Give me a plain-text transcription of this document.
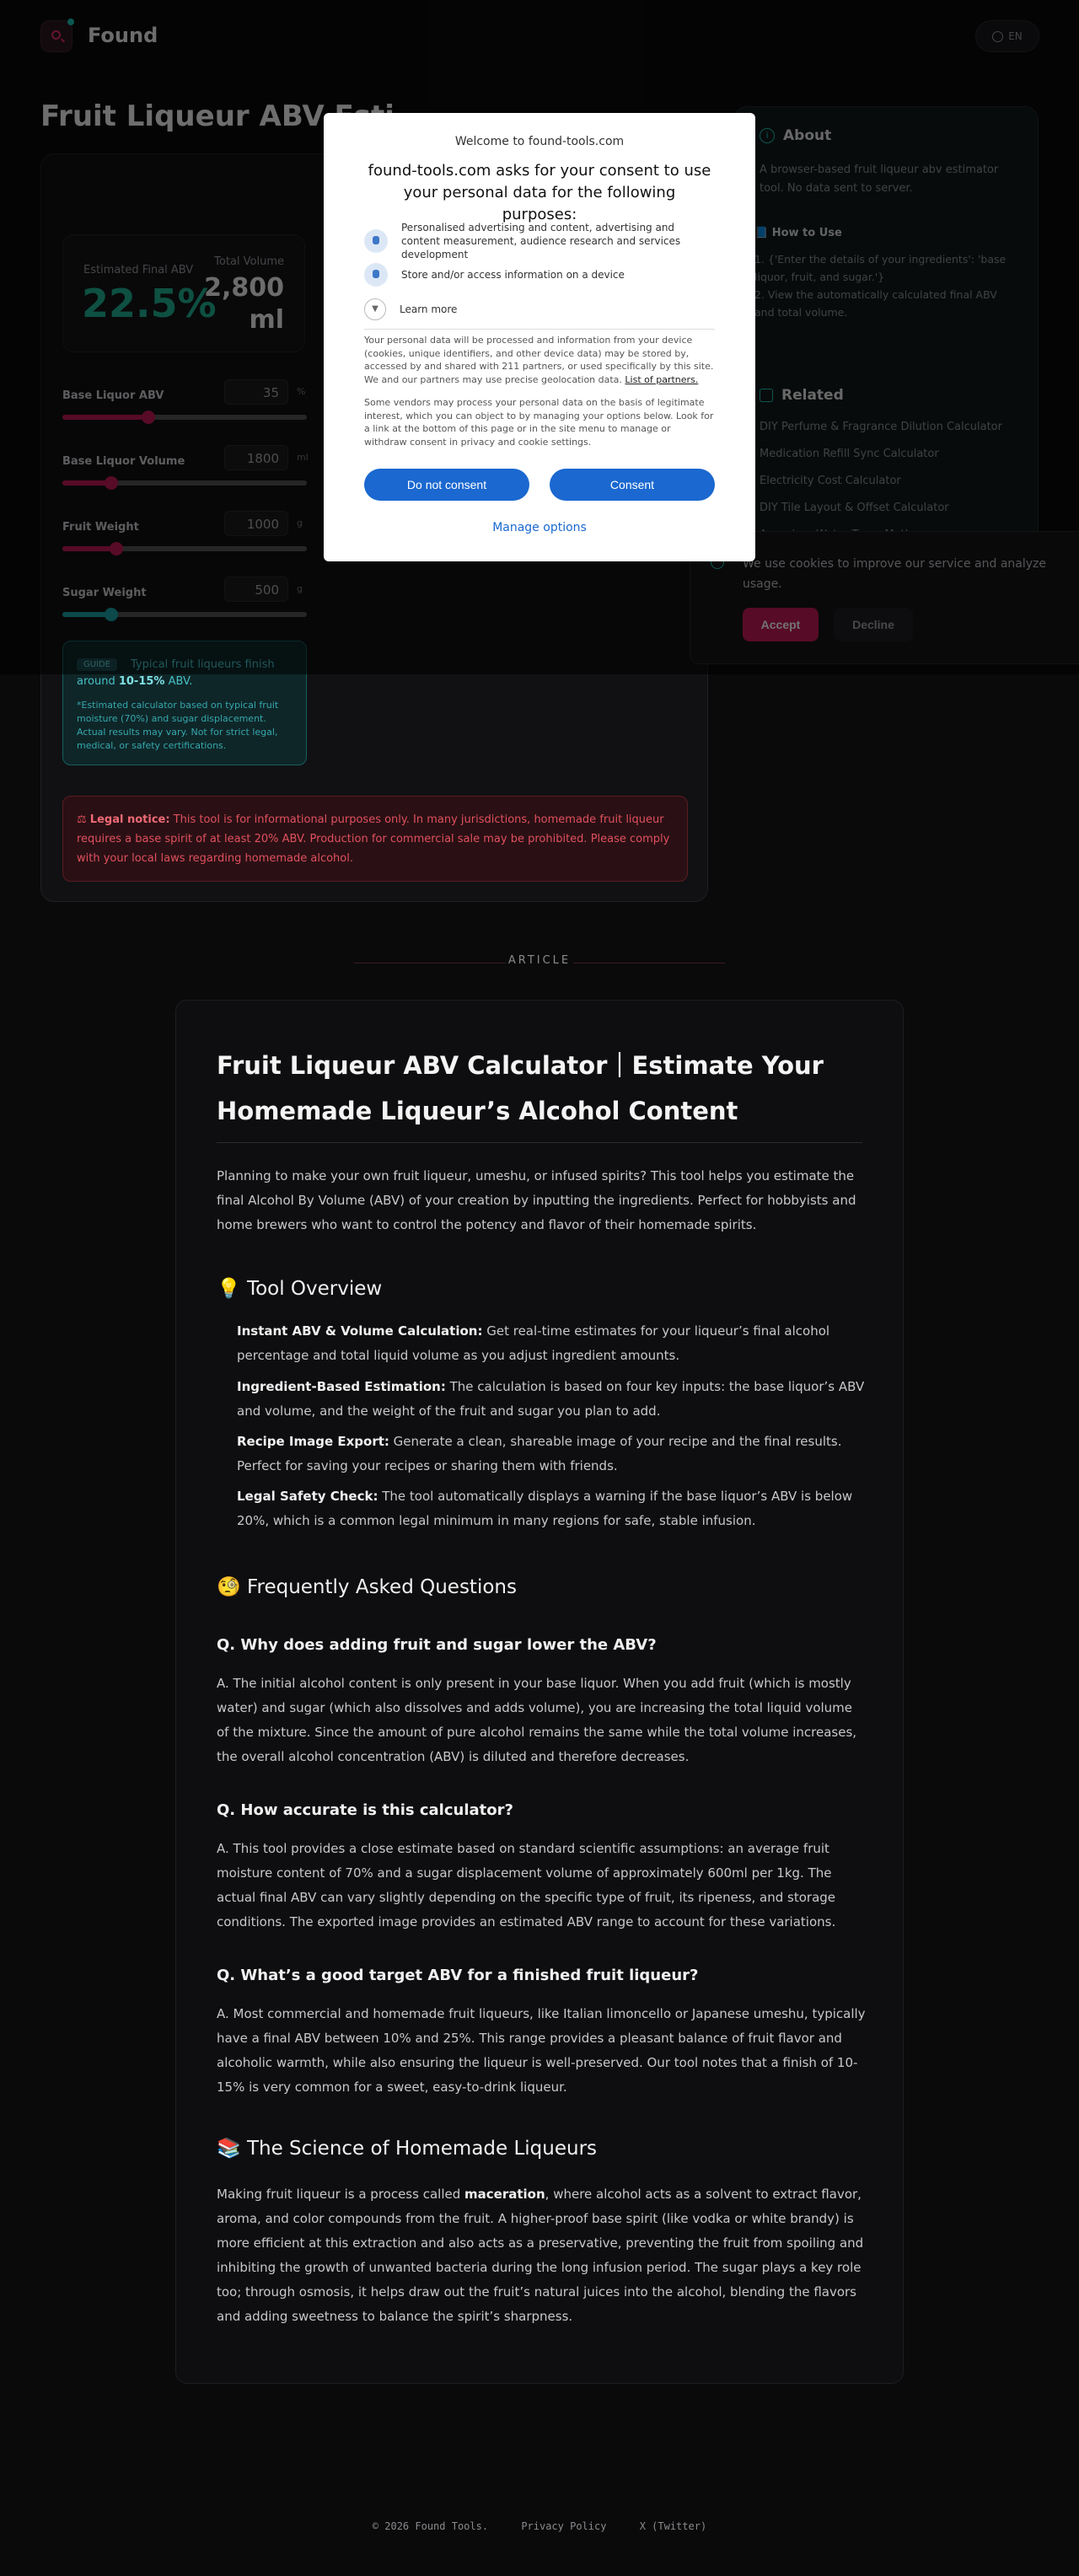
around 10-15% ABV.
*Estimated calculator based on typical fruit moisture (70%) and sugar displacement. Actual results may vary. Not for strict legal, medical, or safety certifications.
⚖ Legal notice: This tool is for informational purposes only. In many jurisdictions, homemade fruit liqueur requires a base spirit of at least 20% ABV. Production for commercial sale may be prohibited. Please comply with your local laws regarding homemade alcohol.
Welcome to found-tools.com
found-tools.com asks for your consent to use your personal data for the following purposes:
Personalised advertising and content, advertising and content measurement, audience research and services development
Store and/or access information on a device
▼	Learn more
Your personal data will be processed and information from your device (cookies, unique identifiers, and other device data) may be stored by, accessed by and shared with 211 partners, or used specifically by this site. We and our partners may use precise geolocation data. List of partners.
Some vendors may process your personal data on the basis of legitimate interest, which you can object to by managing your options below. Look for a link at the bottom of this page or in the site menu to manage or withdraw consent in privacy and cookie settings.
Do not consent	Consent
Manage options
ARTICLE
Fruit Liqueur ABV Calculator｜Estimate Your Homemade Liqueur’s Alcohol Content
Planning to make your own fruit liqueur, umeshu, or infused spirits? This tool helps you estimate the final Alcohol By Volume (ABV) of your creation by inputting the ingredients. Perfect for hobbyists and home brewers who want to control the potency and flavor of their homemade spirits.
💡 Tool Overview
Instant ABV & Volume Calculation: Get real-time estimates for your liqueur’s final alcohol percentage and total liquid volume as you adjust ingredient amounts.
Ingredient-Based Estimation: The calculation is based on four key inputs: the base liquor’s ABV and volume, and the weight of the fruit and sugar you plan to add.
Recipe Image Export: Generate a clean, shareable image of your recipe and the final results. Perfect for saving your recipes or sharing them with friends.
Legal Safety Check: The tool automatically displays a warning if the base liquor’s ABV is below 20%, which is a common legal minimum in many regions for safe, stable infusion.
🧐 Frequently Asked Questions
Q. Why does adding fruit and sugar lower the ABV?
A. The initial alcohol content is only present in your base liquor. When you add fruit (which is mostly water) and sugar (which also dissolves and adds volume), you are increasing the total liquid volume of the mixture. Since the amount of pure alcohol remains the same while the total volume increases, the overall alcohol concentration (ABV) is diluted and therefore decreases.
Q. How accurate is this calculator?
A. This tool provides a close estimate based on standard scientific assumptions: an average fruit moisture content of 70% and a sugar displacement volume of approximately 600ml per 1kg. The actual final ABV can vary slightly depending on the specific type of fruit, its ripeness, and storage conditions. The exported image provides an estimated ABV range to account for these variations.
Q. What’s a good target ABV for a finished fruit liqueur?
A. Most commercial and homemade fruit liqueurs, like Italian limoncello or Japanese umeshu, typically have a final ABV between 10% and 25%. This range provides a pleasant balance of fruit flavor and alcoholic warmth, while also ensuring the liqueur is well-preserved. Our tool notes that a finish of 10-15% is very common for a sweet, easy-to-drink liqueur.
📚 The Science of Homemade Liqueurs
Making fruit liqueur is a process called maceration, where alcohol acts as a solvent to extract flavor, aroma, and color compounds from the fruit. A higher-proof base spirit (like vodka or white brandy) is more efficient at this extraction and also acts as a preservative, preventing the fruit from spoiling and inhibiting the growth of unwanted bacteria during the long infusion period. The sugar plays a key role too; through osmosis, it helps draw out the fruit’s natural juices into the alcohol, blending the flavors and adding sweetness to balance the spirit’s sharpness.
© 2026 Found Tools.	Privacy Policy	X (Twitter)
